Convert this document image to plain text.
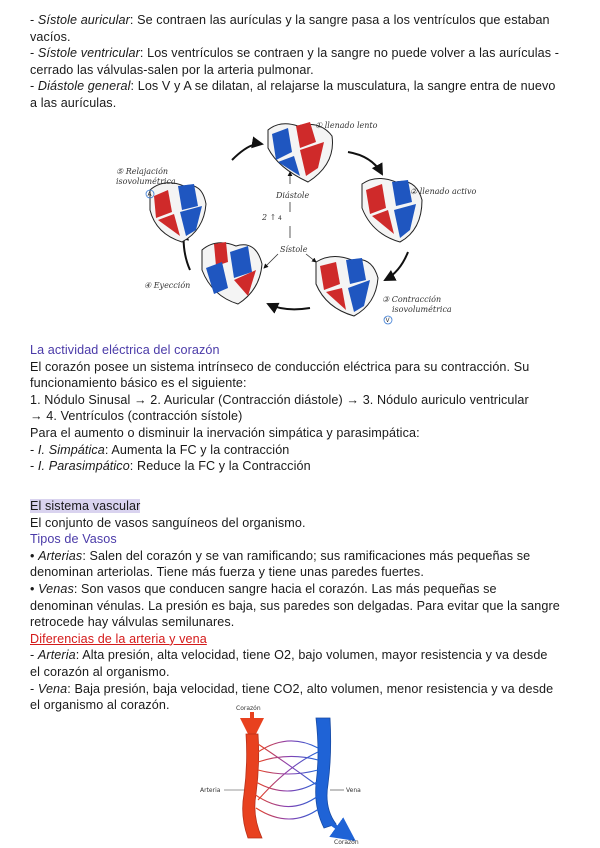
- Sístole auricular: Se contraen las aurículas y la sangre pasa a los ventrículos que estaban
vacíos.
- Sístole ventricular: Los ventrículos se contraen y la sangre no puede volver a las aurículas -
cerrado las válvulas-salen por la arteria pulmonar.
- Diástole general: Los V y A se dilatan, al relajarse la musculatura, la sangre entra de nuevo
a las aurículas.
Diástole
2 ↑ 4
Sístole
① llenado lento
② llenado activo
③ Contracción
isovolumétrica
V
④ Eyección
⑤ Relajación
isovolumétrica
A
La actividad eléctrica del corazón
El corazón posee un sistema intrínseco de conducción eléctrica para su contracción. Su
funcionamiento básico es el siguiente:
1. Nódulo Sinusal → 2. Auricular (Contracción diástole) → 3. Nódulo auriculo ventricular
→ 4. Ventrículos (contracción sístole)
Para el aumento o disminuir la inervación simpática y parasimpática:
- I. Simpática: Aumenta la FC y la contracción
- I. Parasimpático: Reduce la FC y la Contracción
El sistema vascular
El conjunto de vasos sanguíneos del organismo.
Tipos de Vasos
• Arterias: Salen del corazón y se van ramificando; sus ramificaciones más pequeñas se
denominan arteriolas. Tiene más fuerza y tiene unas paredes fuertes.
• Venas: Son vasos que conducen sangre hacia el corazón. Las más pequeñas se
denominan vénulas. La presión es baja, sus paredes son delgadas. Para evitar que la sangre
retrocede hay válvulas semilunares.
Diferencias de la arteria y vena
- Arteria: Alta presión, alta velocidad, tiene O2, bajo volumen, mayor resistencia y va desde
el corazón al organismo.
- Vena: Baja presión, baja velocidad, tiene CO2, alto volumen, menor resistencia y va desde
el organismo al corazón.	Corazón
Arteria	Vena
Corazón
